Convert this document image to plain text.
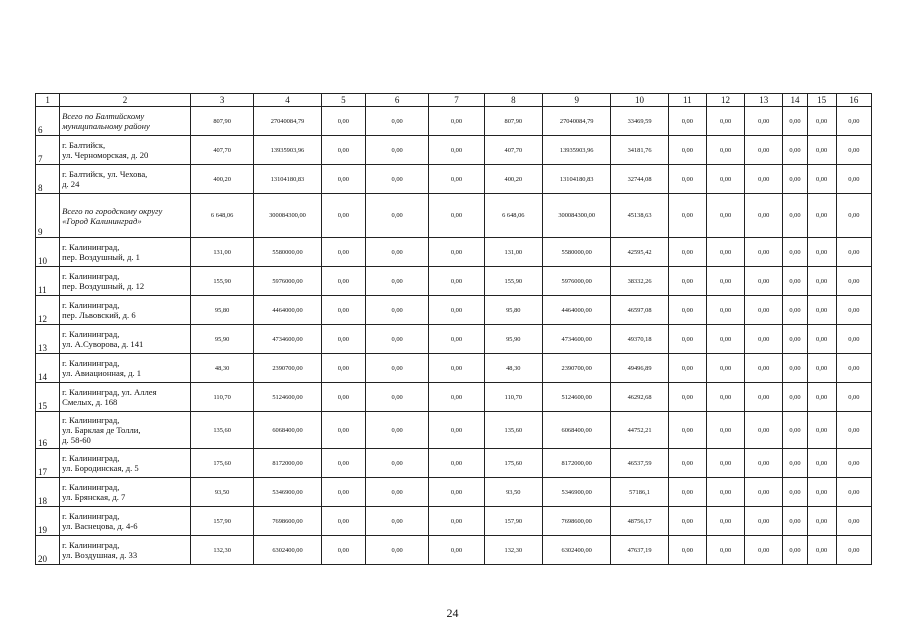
1	2	3	4	5	6	7	8	9	10	11	12	13	14	15	16
6	Всего по Балтийскому
муниципальному району	807,90	27040084,79	0,00	0,00	0,00	807,90	27040084,79	33469,59	0,00	0,00	0,00	0,00	0,00	0,00
7	г. Балтийск,
ул. Черноморская, д. 20	407,70	13935903,96	0,00	0,00	0,00	407,70	13935903,96	34181,76	0,00	0,00	0,00	0,00	0,00	0,00
8	г. Балтийск, ул. Чехова,
д. 24	400,20	13104180,83	0,00	0,00	0,00	400,20	13104180,83	32744,08	0,00	0,00	0,00	0,00	0,00	0,00
9	Всего по городскому округу
«Город Калининград»	6 648,06	300084300,00	0,00	0,00	0,00	6 648,06	300084300,00	45138,63	0,00	0,00	0,00	0,00	0,00	0,00
10	г. Калининград,
пер. Воздушный, д. 1	131,00	5580000,00	0,00	0,00	0,00	131,00	5580000,00	42595,42	0,00	0,00	0,00	0,00	0,00	0,00
11	г. Калининград,
пер. Воздушный, д. 12	155,90	5976000,00	0,00	0,00	0,00	155,90	5976000,00	38332,26	0,00	0,00	0,00	0,00	0,00	0,00
12	г. Калининград,
пер. Львовский, д. 6	95,80	4464000,00	0,00	0,00	0,00	95,80	4464000,00	46597,08	0,00	0,00	0,00	0,00	0,00	0,00
13	г. Калининград,
ул. А.Суворова, д. 141	95,90	4734600,00	0,00	0,00	0,00	95,90	4734600,00	49370,18	0,00	0,00	0,00	0,00	0,00	0,00
14	г. Калининград,
ул. Авиационная, д. 1	48,30	2390700,00	0,00	0,00	0,00	48,30	2390700,00	49496,89	0,00	0,00	0,00	0,00	0,00	0,00
15	г. Калининград, ул. Аллея
Смелых, д. 168	110,70	5124600,00	0,00	0,00	0,00	110,70	5124600,00	46292,68	0,00	0,00	0,00	0,00	0,00	0,00
16	г. Калининград,
ул. Барклая де Толли,
д. 58-60	135,60	6068400,00	0,00	0,00	0,00	135,60	6068400,00	44752,21	0,00	0,00	0,00	0,00	0,00	0,00
17	г. Калининград,
ул. Бородинская, д. 5	175,60	8172000,00	0,00	0,00	0,00	175,60	8172000,00	46537,59	0,00	0,00	0,00	0,00	0,00	0,00
18	г. Калининград,
ул. Брянская, д. 7	93,50	5346900,00	0,00	0,00	0,00	93,50	5346900,00	57186,1	0,00	0,00	0,00	0,00	0,00	0,00
19	г. Калининград,
ул. Васнецова, д. 4-6	157,90	7698600,00	0,00	0,00	0,00	157,90	7698600,00	48756,17	0,00	0,00	0,00	0,00	0,00	0,00
20	г. Калининград,
ул. Воздушная, д. 33	132,30	6302400,00	0,00	0,00	0,00	132,30	6302400,00	47637,19	0,00	0,00	0,00	0,00	0,00	0,00
24
